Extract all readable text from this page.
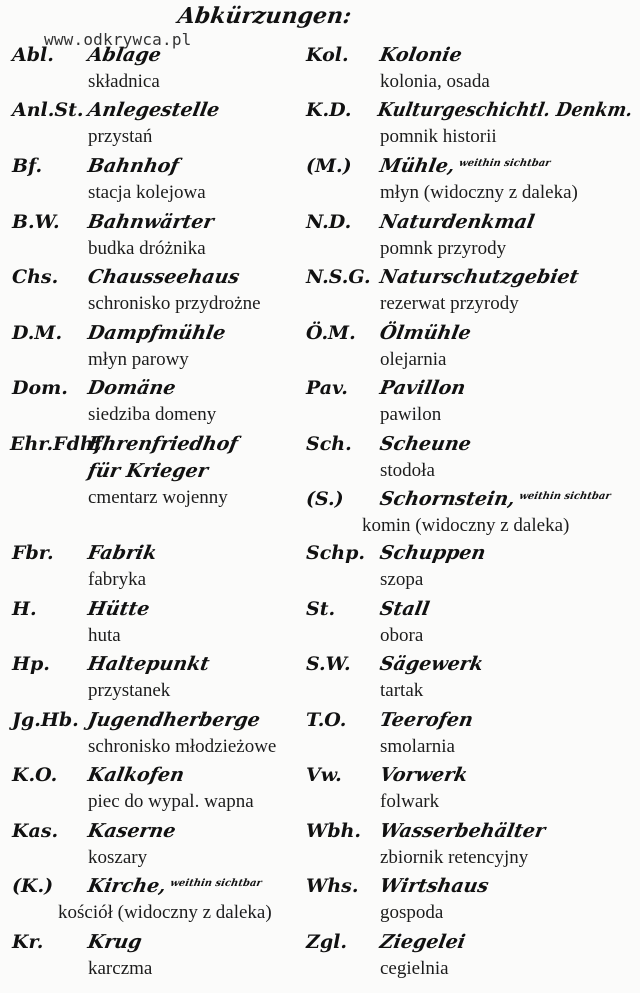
Abkürzungen:
www.odkrywca.pl
Abl. Ablage
składnica
Anl.St. Anlegestelle
przystań
Bf. Bahnhof
stacja kolejowa
B.W. Bahnwärter
budka dróżnika
Chs. Chausseehaus
schronisko przydrożne
D.M. Dampfmühle
młyn parowy
Dom. Domäne
siedziba domeny
Ehr.Fdhf.
Ehrenfriedhof
für Krieger
cmentarz wojenny
Fbr. Fabrik
fabryka
H.	Hütte
huta
Hp. Haltepunkt
przystanek
Jg.Hb. Jugendherberge
schronisko młodzieżowe
K.O. Kalkofen
piec do wypal. wapna
Kas. Kaserne
koszary
(K.) Kirche, weithin sichtbar
kościół (widoczny z daleka)
Kr. Krug
karczma
Kol. Kolonie
kolonia, osada
K.D. Kulturgeschichtl. Denkm.
pomnik historii
(M.) Mühle, weithin sichtbar
młyn (widoczny z daleka)
N.D. Naturdenkmal
pomnk przyrody
N.S.G. Naturschutzgebiet
rezerwat przyrody
Ö.M. Ölmühle
olejarnia
Pav. Pavillon
pawilon
Sch. Scheune
stodoła
(S.) Schornstein, weithin sichtbar
komin (widoczny z daleka)
Schp. Schuppen
szopa
St. Stall
obora
S.W. Sägewerk
tartak
T.O. Teerofen
smolarnia
Vw. Vorwerk
folwark
Wbh. Wasserbehälter
zbiornik retencyjny
Whs. Wirtshaus
gospoda
Zgl. Ziegelei
cegielnia
